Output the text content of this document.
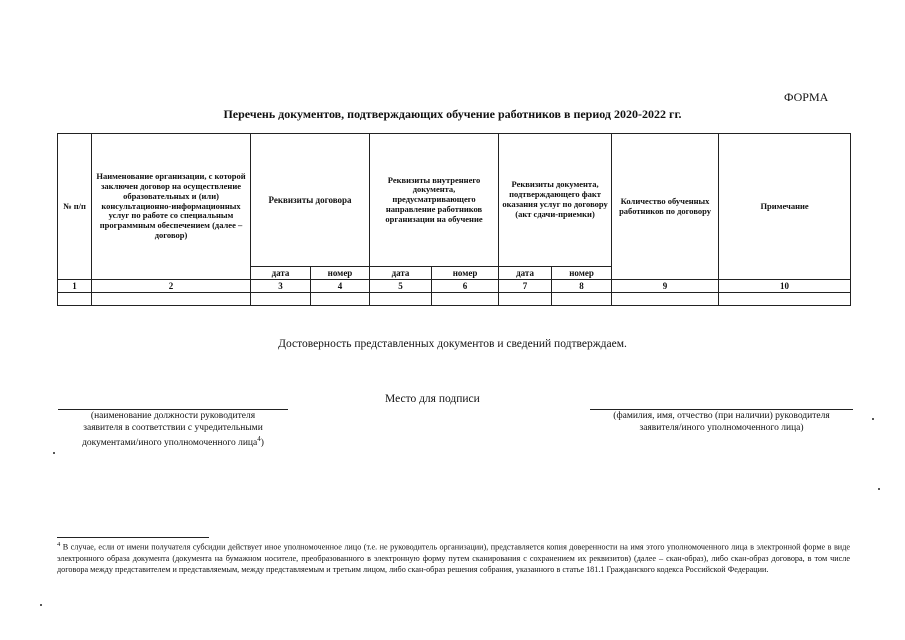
ФОРМА
Перечень документов, подтверждающих обучение работников в период 2020-2022 гг.
№ п/п	Наименование организации, с которой заключен договор на осуществление образовательных и (или) консультационно-информационных услуг по работе со специальным программным обеспечением (далее – договор)	Реквизиты договора		Реквизиты внутреннего документа, предусматривающего направление работников организации на обучение		Реквизиты документа, подтверждающего факт оказания услуг по договору (акт сдачи-приемки)		Количество обученных работников по договору	Примечание
		дата	номер	дата	номер	дата	номер		
1	2	3	4	5	6	7	8	9	10

Достоверность представленных документов и сведений подтверждаем.
Место для подписи
(наименование должности руководителя
заявителя в соответствии с учредительными
документами/иного уполномоченного лица$^4$)
(фамилия, имя, отчество (при наличии) руководителя
заявителя/иного уполномоченного лица)
$^4$ В случае, если от имени получателя субсидии действует иное уполномоченное лицо (т.е. не руководитель организации), представляется копия доверенности на имя этого уполномоченного лица в электронной форме в виде электронного образа документа (документа на бумажном носителе, преобразованного в электронную форму путем сканирования с сохранением их реквизитов) (далее – скан-образ), либо скан-образ договора, в том числе договора между представителем и представляемым, между представляемым и третьим лицом, либо скан-образ решения собрания, указанного в статье 181.1 Гражданского кодекса Российской Федерации.
